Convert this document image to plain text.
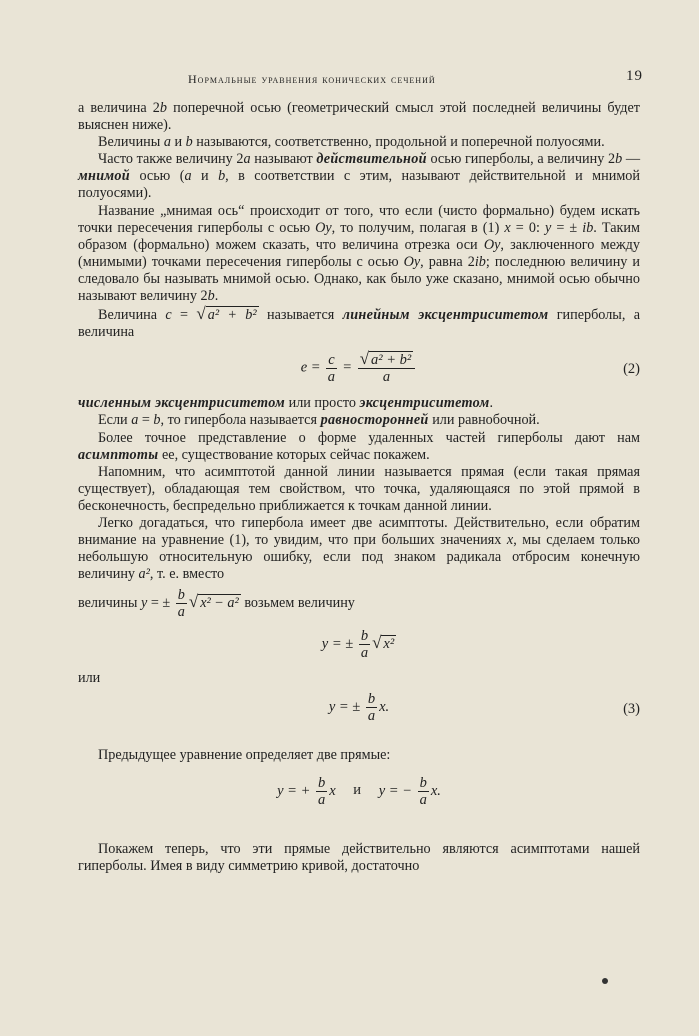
Нормальные уравнения конических сечений	19

а величина 2b поперечной осью (геометрический смысл этой последней величины будет выяснен ниже).

Величины a и b называются, соответственно, продольной и поперечной полуосями.

Часто также величину 2a называют действительной осью гиперболы, а величину 2b — мнимой осью (a и b, в соответствии с этим, называют действительной и мнимой полуосями).

Название „мнимая ось“ происходит от того, что если (чисто формально) будем искать точки пересечения гиперболы с осью Oy, то получим, полагая в (1) x = 0: y = ± ib. Таким образом (формально) можем сказать, что величина отрезка оси Oy, заключенного между (мнимыми) точками пересечения гиперболы с осью Oy, равна 2ib; последнюю величину и следовало бы называть мнимой осью. Однако, как было уже сказано, мнимой осью обычно называют величину 2b.

Величина c = √ a² + b² называется линейным эксцентриситетом гиперболы, а величина

$e = \frac{c}{a} = \frac{\text{√ a² + b²}}{a}$	(2)

численным эксцентриситетом или просто эксцентриситетом.

Если a = b, то гипербола называется равносторонней или равнобочной.

Более точное представление о форме удаленных частей гиперболы дают нам асимптоты ее, существование которых сейчас покажем.

Напомним, что асимптотой данной линии называется прямая (если такая прямая существует), обладающая тем свойством, что точка, удаляющаяся по этой прямой в бесконечность, беспредельно приближается к точкам данной линии.

Легко догадаться, что гипербола имеет две асимптоты. Действительно, если обратим внимание на уравнение (1), то увидим, что при больших значениях x, мы сделаем только небольшую относительную ошибку, если под знаком радикала отбросим конечную величину a², т. е. вместо

величины y = ± $\frac{b}{a}$ √ x² − a² возьмем величину

y = ± $\frac{b}{a}$ √ x²

или

y = ± $\frac{b}{a} x$.	(3)

Предыдущее уравнение определяет две прямые:

y = + $\frac{b}{a}$ x и y = − $\frac{b}{a} x$.

Покажем теперь, что эти прямые действительно являются асимптотами нашей гиперболы. Имея в виду симметрию кривой, достаточно
